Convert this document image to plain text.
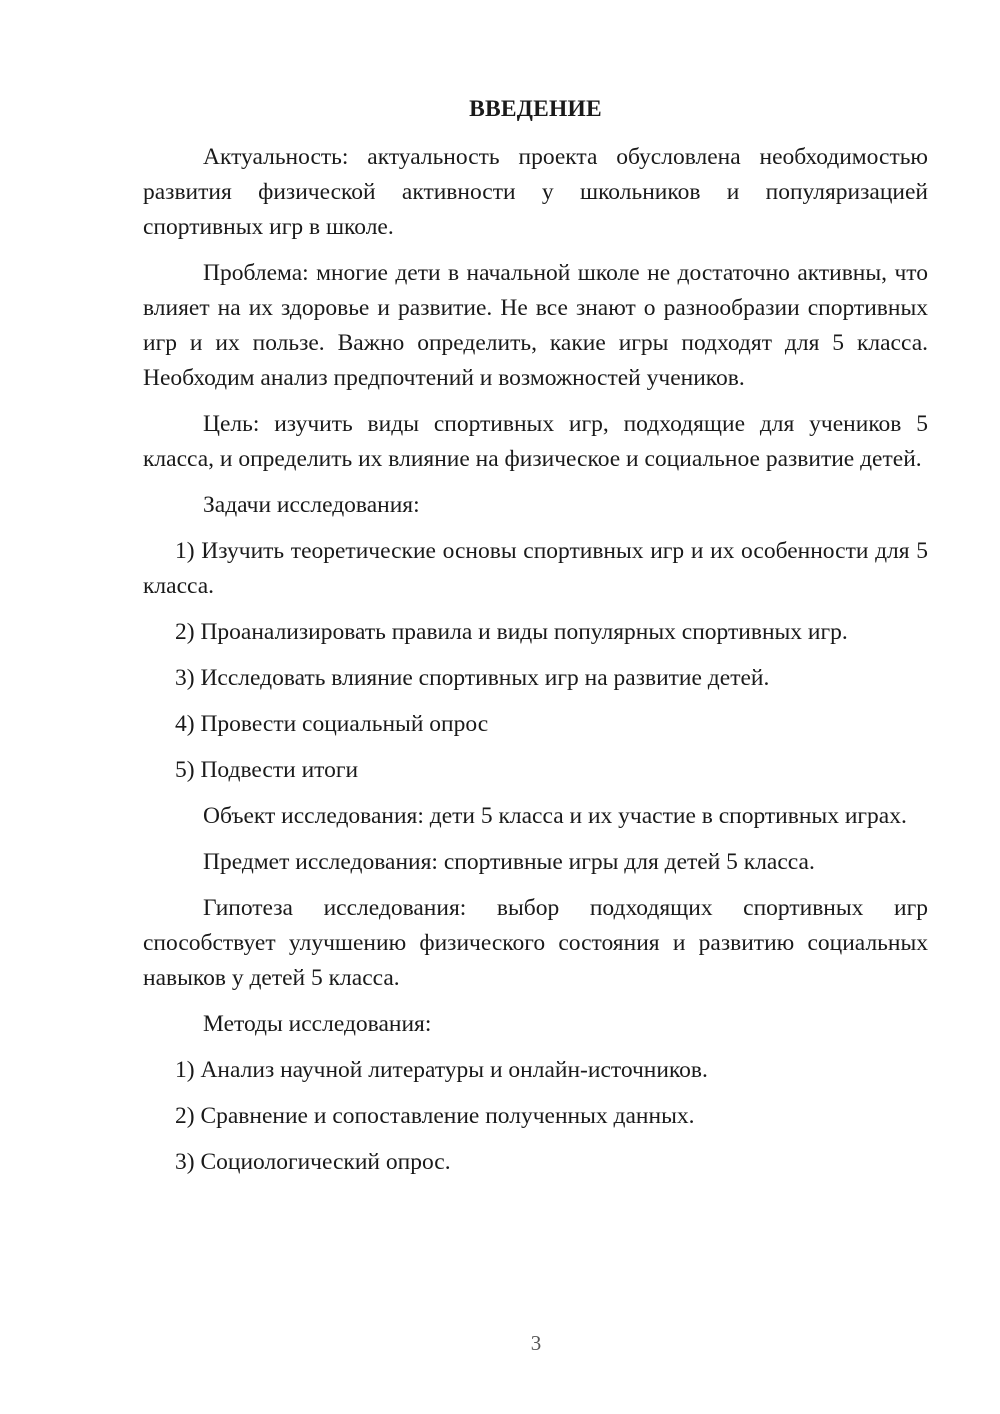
ВВЕДЕНИЕ

Актуальность: актуальность проекта обусловлена необходимостью развития физической активности у школьников и популяризацией спортивных игр в школе.

Проблема: многие дети в начальной школе не достаточно активны, что влияет на их здоровье и развитие. Не все знают о разнообразии спортивных игр и их пользе. Важно определить, какие игры подходят для 5 класса. Необходим анализ предпочтений и возможностей учеников.

Цель: изучить виды спортивных игр, подходящие для учеников 5 класса, и определить их влияние на физическое и социальное развитие детей.

Задачи исследования:

1) Изучить теоретические основы спортивных игр и их особенности для 5 класса.

2) Проанализировать правила и виды популярных спортивных игр.

3) Исследовать влияние спортивных игр на развитие детей.

4) Провести социальный опрос

5) Подвести итоги

Объект исследования: дети 5 класса и их участие в спортивных играх.

Предмет исследования: спортивные игры для детей 5 класса.

Гипотеза исследования: выбор подходящих спортивных игр способствует улучшению физического состояния и развитию социальных навыков у детей 5 класса.

Методы исследования:

1) Анализ научной литературы и онлайн-источников.

2) Сравнение и сопоставление полученных данных.

3) Социологический опрос.

3
